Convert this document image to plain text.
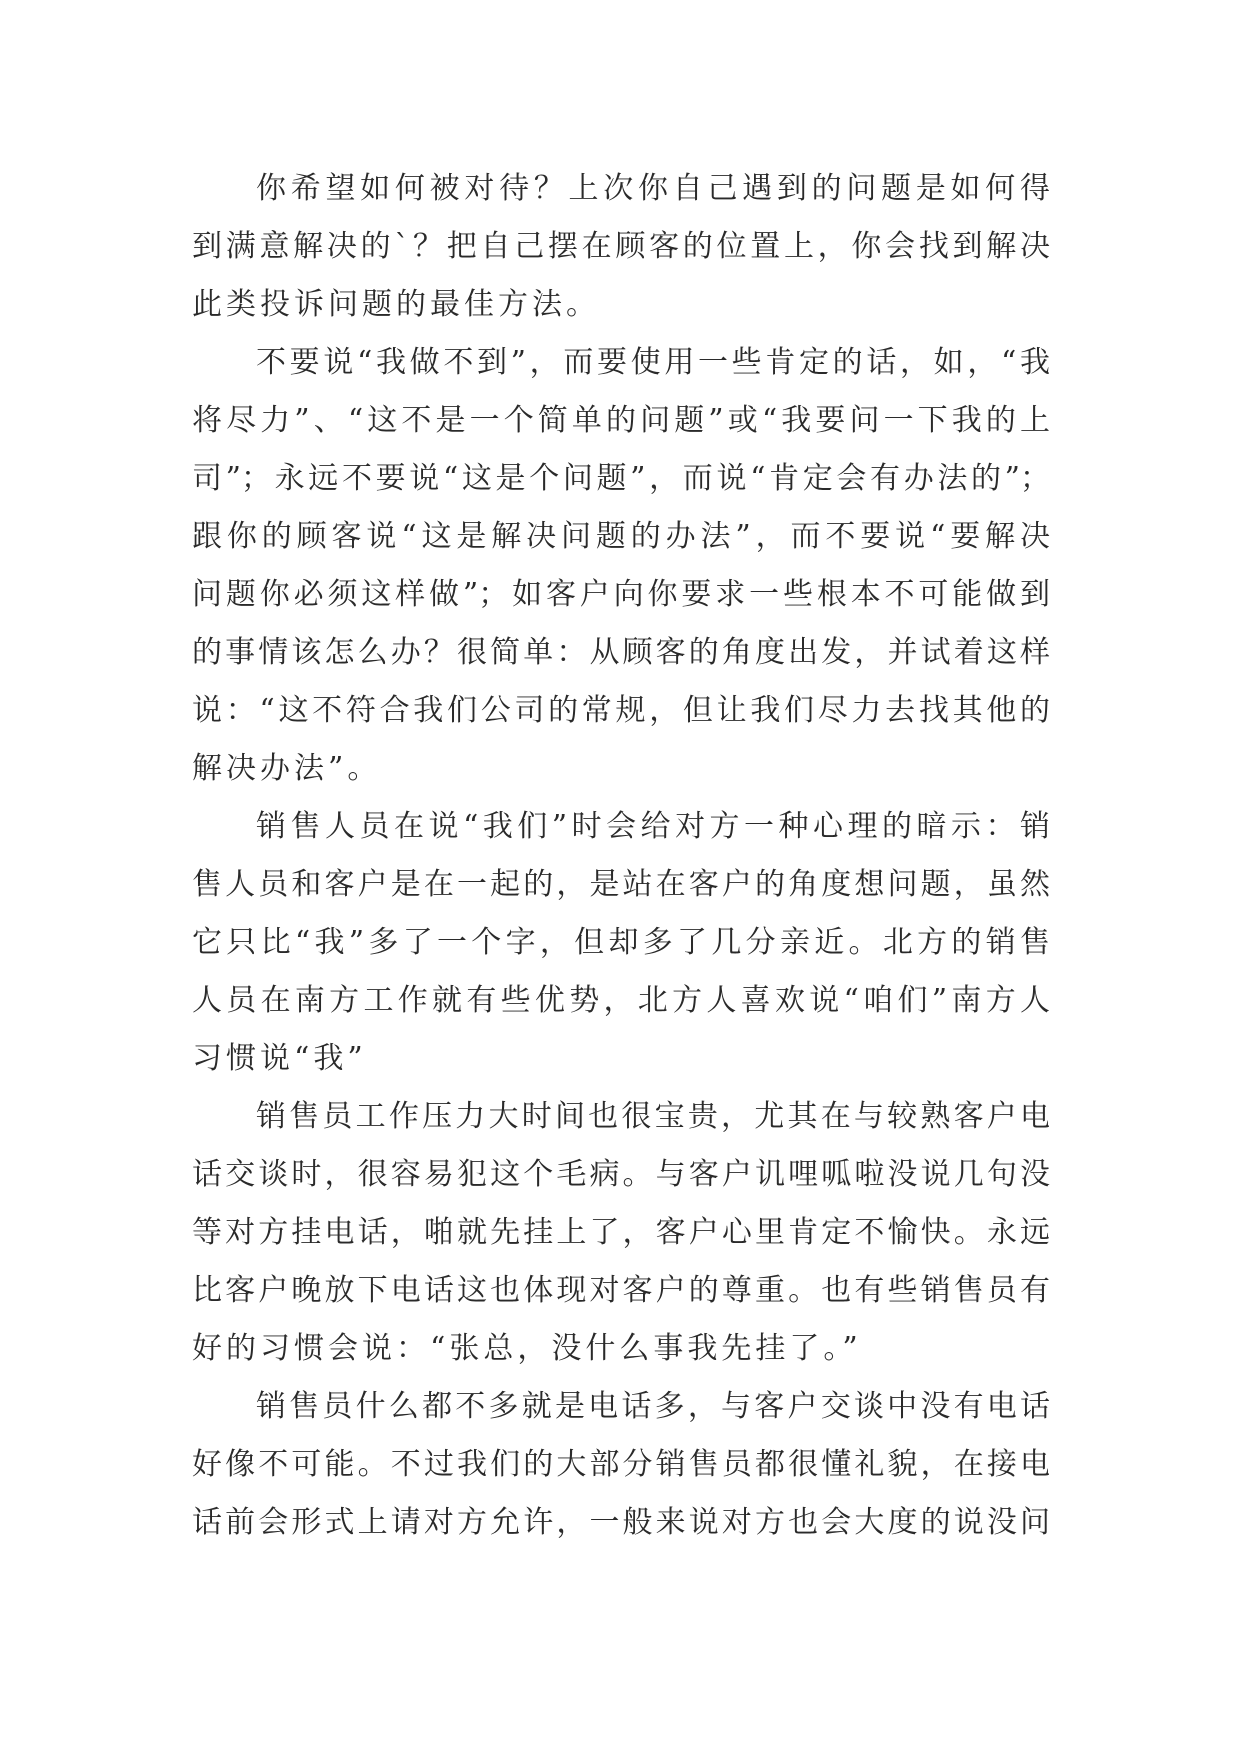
你希望如何被对待？上次你自己遇到的问题是如何得
到满意解决的`？把自己摆在顾客的位置上，你会找到解决
此类投诉问题的最佳方法。
不要说“我做不到”，而要使用一些肯定的话，如，“我
将尽力”、“这不是一个简单的问题”或“我要问一下我的上
司”；永远不要说“这是个问题”，而说“肯定会有办法的”；
跟你的顾客说“这是解决问题的办法”，而不要说“要解决
问题你必须这样做”；如客户向你要求一些根本不可能做到
的事情该怎么办？很简单：从顾客的角度出发，并试着这样
说：“这不符合我们公司的常规，但让我们尽力去找其他的
解决办法”。
销售人员在说“我们”时会给对方一种心理的暗示：销
售人员和客户是在一起的，是站在客户的角度想问题，虽然
它只比“我”多了一个字，但却多了几分亲近。北方的销售
人员在南方工作就有些优势，北方人喜欢说“咱们”南方人
习惯说“我”
销售员工作压力大时间也很宝贵，尤其在与较熟客户电
话交谈时，很容易犯这个毛病。与客户讥哩呱啦没说几句没
等对方挂电话，啪就先挂上了，客户心里肯定不愉快。永远
比客户晚放下电话这也体现对客户的尊重。也有些销售员有
好的习惯会说：“张总，没什么事我先挂了。”
销售员什么都不多就是电话多，与客户交谈中没有电话
好像不可能。不过我们的大部分销售员都很懂礼貌，在接电
话前会形式上请对方允许，一般来说对方也会大度的说没问
